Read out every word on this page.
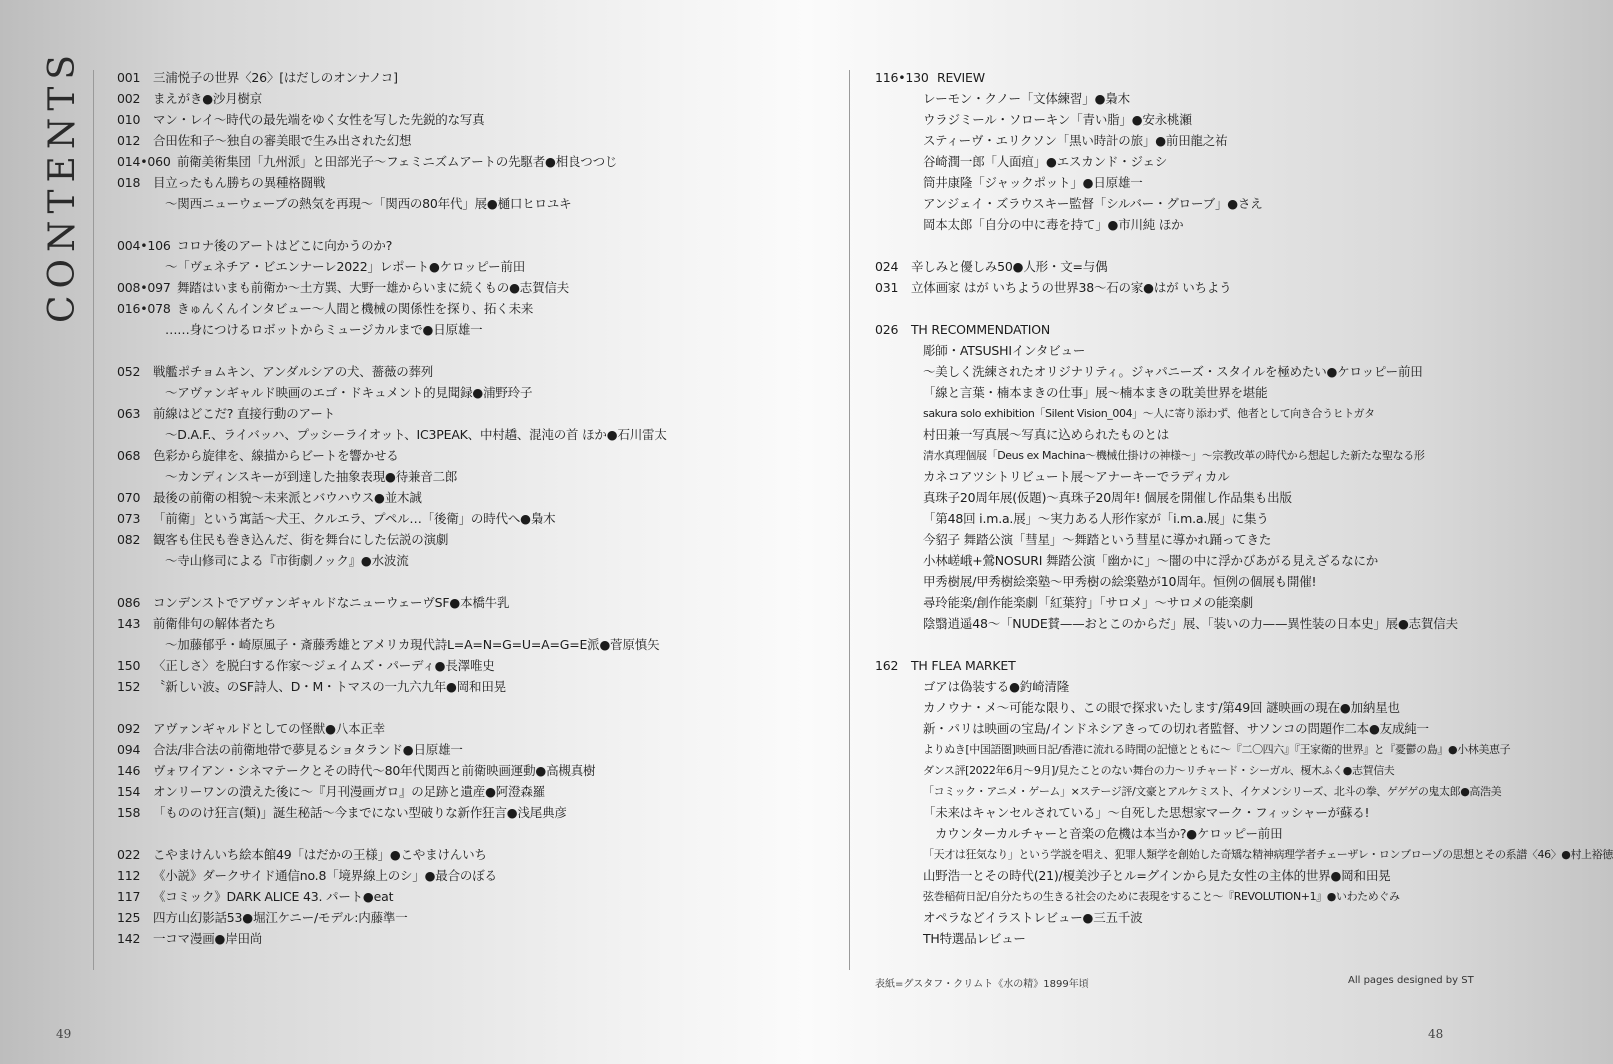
CONTENTS	001	三浦悦子の世界〈26〉[はだしのオンナノコ]
002	まえがき●沙月樹京
010	マン・レイ〜時代の最先端をゆく女性を写した先鋭的な写真
012	合田佐和子〜独自の審美眼で生み出された幻想
014•060 前衛美術集団「九州派」と田部光子〜フェミニズムアートの先駆者●相良つつじ
018	目立ったもん勝ちの異種格闘戦
〜関西ニューウェーブの熱気を再現〜「関西の80年代」展●樋口ヒロユキ
004•106 コロナ後のアートはどこに向かうのか?
〜「ヴェネチア・ビエンナーレ2022」レポート●ケロッピー前田
008•097 舞踏はいまも前衛か〜土方巽、大野一雄からいまに続くもの●志賀信夫
016•078 きゅんくんインタビュー〜人間と機械の関係性を探り、拓く未来
……身につけるロボットからミュージカルまで●日原雄一
052	戦艦ポチョムキン、アンダルシアの犬、薔薇の葬列
〜アヴァンギャルド映画のエゴ・ドキュメント的見聞録●浦野玲子
063	前線はどこだ? 直接行動のアート
〜D.A.F.、ライバッハ、プッシーライオット、IC3PEAK、中村趫、混沌の首 ほか●石川雷太
068	色彩から旋律を、線描からビートを響かせる
〜カンディンスキーが到達した抽象表現●待兼音二郎
070	最後の前衛の相貌〜未来派とバウハウス●並木誠
073	「前衛」という寓話〜犬王、クルエラ、プペル…「後衛」の時代へ●梟木
082	観客も住民も巻き込んだ、街を舞台にした伝説の演劇
〜寺山修司による『市街劇ノック』●水波流
086	コンデンストでアヴァンギャルドなニューウェーヴSF●本橋牛乳
143	前衛俳句の解体者たち
〜加藤郁乎・崎原風子・斎藤秀雄とアメリカ現代詩L=A=N=G=U=A=G=E派●菅原慎矢
150	〈正しさ〉を脱臼する作家〜ジェイムズ・パーディ●長澤唯史
152	〝新しい波〟のSF詩人、D・M・トマスの一九六九年●岡和田晃
092	アヴァンギャルドとしての怪獣●八本正幸
094	合法/非合法の前衛地帯で夢見るショタランド●日原雄一
146	ヴォワイアン・シネマテークとその時代〜80年代関西と前衛映画運動●高槻真樹
154	オンリーワンの潰えた後に〜『月刊漫画ガロ』の足跡と遺産●阿澄森羅
158	「もののけ狂言(類)」誕生秘話〜今までにない型破りな新作狂言●浅尾典彦
022	こやまけんいち絵本館49「はだかの王様」●こやまけんいち
112	《小説》ダークサイド通信no.8「境界線上のシ」●最合のぼる
117	《コミック》DARK ALICE 43. パート●eat
125	四方山幻影話53●堀江ケニー/モデル:内藤準一
142	一コマ漫画●岸田尚
116•130 REVIEW
レーモン・クノー「文体練習」●梟木
ウラジミール・ソローキン「青い脂」●安永桃瀬
スティーヴ・エリクソン「黒い時計の旅」●前田龍之祐
谷崎潤一郎「人面疽」●エスカンド・ジェシ
筒井康隆「ジャックポット」●日原雄一
アンジェイ・ズラウスキー監督「シルバー・グローブ」●さえ
岡本太郎「自分の中に毒を持て」●市川純 ほか
024	辛しみと優しみ50●人形・文=与偶
031	立体画家 はが いちようの世界38〜石の家●はが いちよう
026	TH RECOMMENDATION
彫師・ATSUSHIインタビュー
〜美しく洗練されたオリジナリティ。ジャパニーズ・スタイルを極めたい●ケロッピー前田
「線と言葉・楠本まきの仕事」展〜楠本まきの耽美世界を堪能
sakura solo exhibition「Silent Vision_004」〜人に寄り添わず、他者として向き合うヒトガタ
村田兼一写真展〜写真に込められたものとは
清水真理個展「Deus ex Machina〜機械仕掛けの神様〜」〜宗教改革の時代から想起した新たな聖なる形
カネコアツシトリビュート展〜アナーキーでラディカル
真珠子20周年展(仮題)〜真珠子20周年! 個展を開催し作品集も出版
「第48回 i.m.a.展」〜実力ある人形作家が「i.m.a.展」に集う
今貂子 舞踏公演「彗星」〜舞踏という彗星に導かれ踊ってきた
小林嵯峨+鶯NOSURI 舞踏公演「幽かに」〜闇の中に浮かびあがる見えざるなにか
甲秀樹展/甲秀樹絵楽塾〜甲秀樹の絵楽塾が10周年。恒例の個展も開催!
尋玲能楽/創作能楽劇「紅葉狩」「サロメ」〜サロメの能楽劇
陰翳逍遥48〜「NUDE賛——おとこのからだ」展、「装いの力——異性装の日本史」展●志賀信夫
162	TH FLEA MARKET
ゴアは偽装する●釣崎清隆
カノウナ・メ〜可能な限り、この眼で探求いたします/第49回 謎映画の現在●加納星也
新・パリは映画の宝島/インドネシアきっての切れ者監督、サソンコの問題作二本●友成純一
よりぬき[中国語圏]映画日記/香港に流れる時間の記憶とともに〜『二〇四六』『王家衛的世界』と『憂鬱の島』●小林美恵子
ダンス評[2022年6月〜9月]/見たことのない舞台の力〜リチャード・シーガル、榎木ふく●志賀信夫
「コミック・アニメ・ゲーム」×ステージ評/文豪とアルケミスト、イケメンシリーズ、北斗の拳、ゲゲゲの鬼太郎●高浩美
「未来はキャンセルされている」〜自死した思想家マーク・フィッシャーが蘇る!
カウンターカルチャーと音楽の危機は本当か?●ケロッピー前田
「天才は狂気なり」という学説を唱え、犯罪人類学を創始した奇矯な精神病理学者チェーザレ・ロンブローゾの思想とその系譜〈46〉●村上裕徳
山野浩一とその時代(21)/榎美沙子とル=グインから見た女性の主体的世界●岡和田晃
弦巻稲荷日記/自分たちの生きる社会のために表現をすること〜『REVOLUTION+1』●いわためぐみ
オペラなどイラストレビュー●三五千波
TH特選品レビュー
表紙=グスタフ・クリムト《水の精》1899年頃	All pages designed by ST
49	48
